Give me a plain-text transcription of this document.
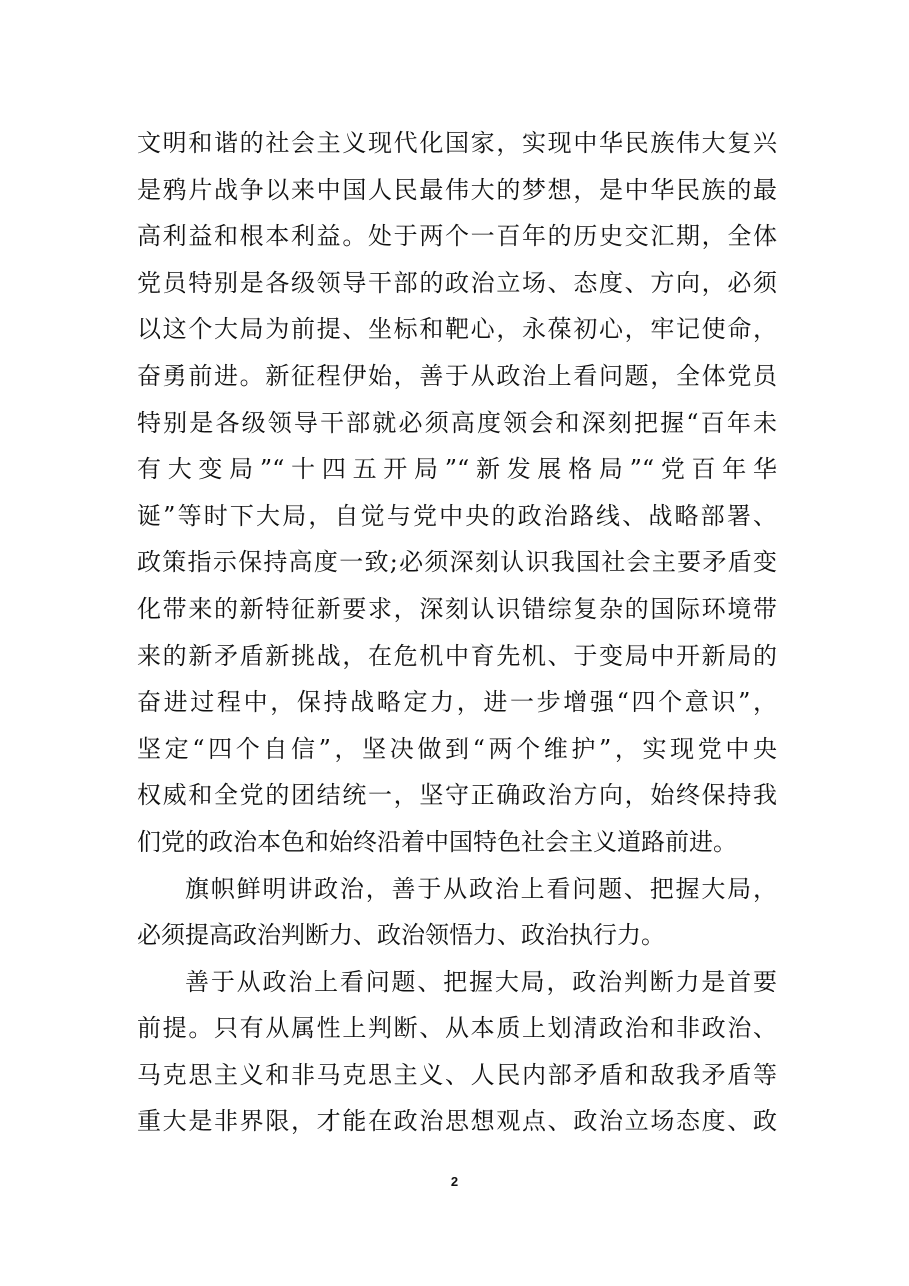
文明和谐的社会主义现代化国家，实现中华民族伟大复兴
是鸦片战争以来中国人民最伟大的梦想，是中华民族的最
高利益和根本利益。处于两个一百年的历史交汇期，全体
党员特别是各级领导干部的政治立场、态度、方向，必须
以这个大局为前提、坐标和靶心，永葆初心，牢记使命，
奋勇前进。新征程伊始，善于从政治上看问题，全体党员
特别是各级领导干部就必须高度领会和深刻把握“百年未
有大变局”“十四五开局”“新发展格局”“党百年华
诞”等时下大局，自觉与党中央的政治路线、战略部署、
政策指示保持高度一致;必须深刻认识我国社会主要矛盾变
化带来的新特征新要求，深刻认识错综复杂的国际环境带
来的新矛盾新挑战，在危机中育先机、于变局中开新局的
奋进过程中，保持战略定力，进一步增强“四个意识”，
坚定“四个自信”，坚决做到“两个维护”，实现党中央
权威和全党的团结统一，坚守正确政治方向，始终保持我
们党的政治本色和始终沿着中国特色社会主义道路前进。
旗帜鲜明讲政治，善于从政治上看问题、把握大局，
必须提高政治判断力、政治领悟力、政治执行力。
善于从政治上看问题、把握大局，政治判断力是首要
前提。只有从属性上判断、从本质上划清政治和非政治、
马克思主义和非马克思主义、人民内部矛盾和敌我矛盾等
重大是非界限，才能在政治思想观点、政治立场态度、政
2
